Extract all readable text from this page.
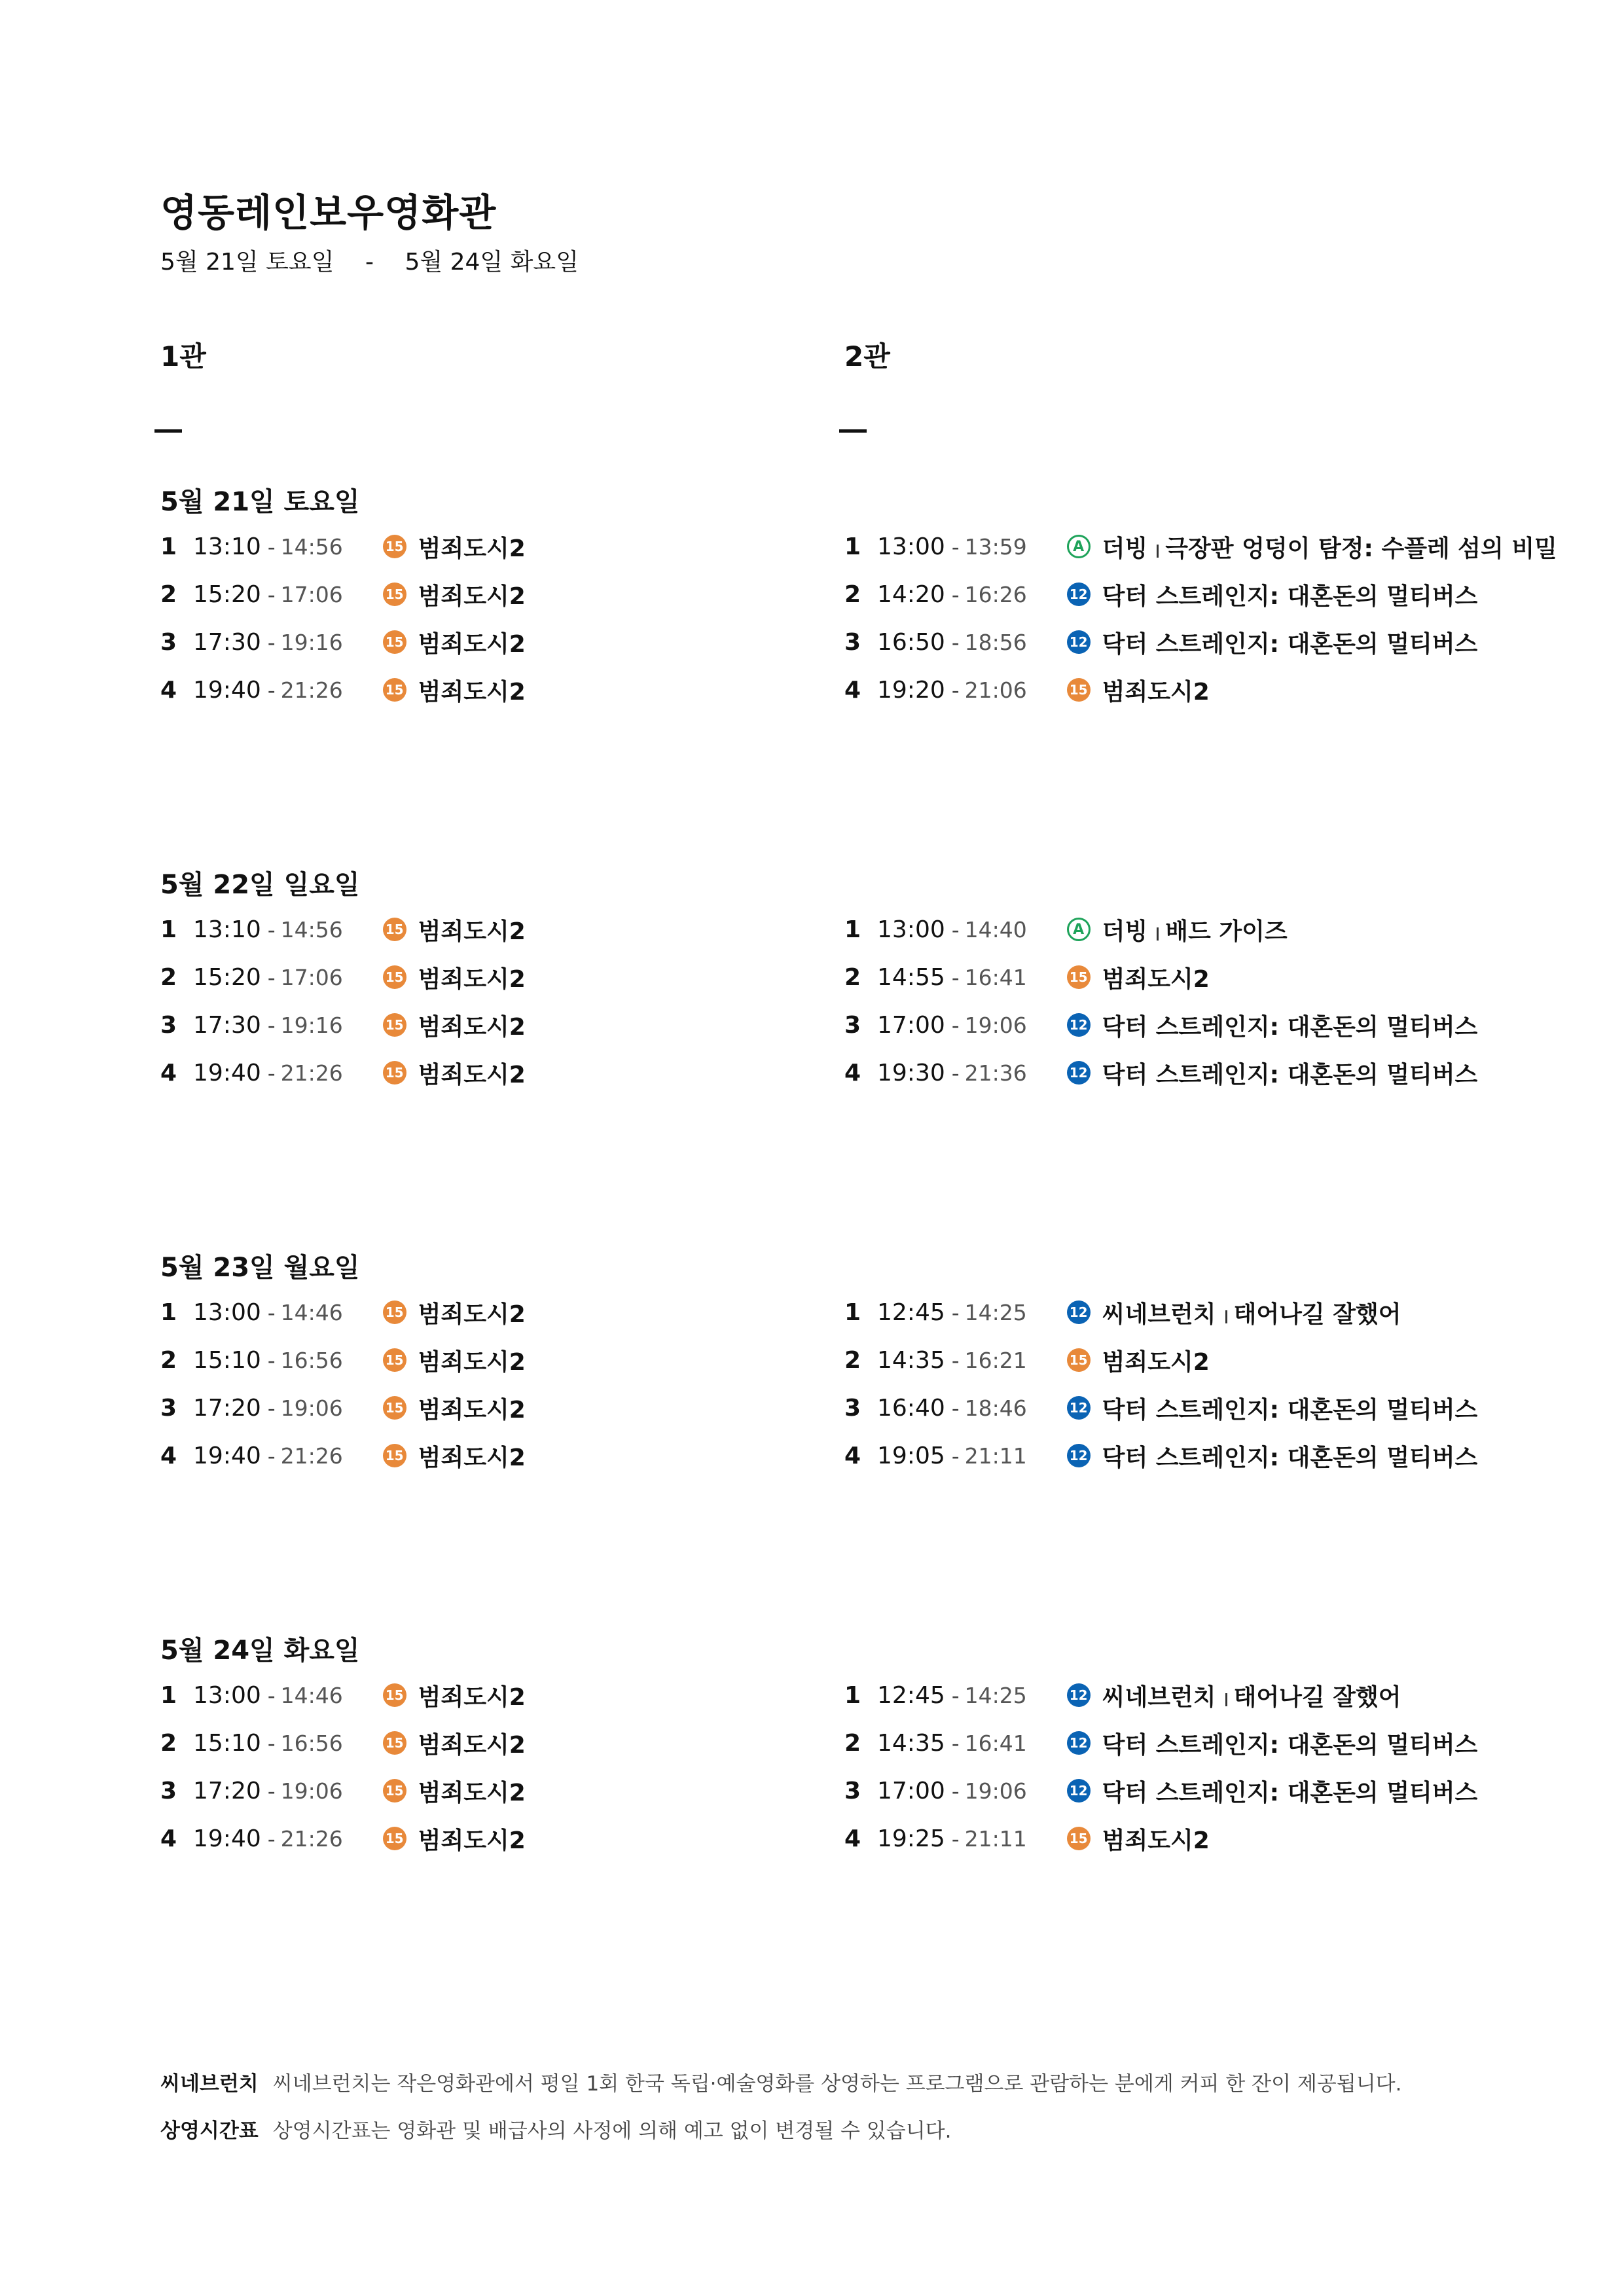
영동레인보우영화관
5월 21일 토요일 - 5월 24일 화요일
1관	2관
5월 21일 토요일
1 13:10 - 14:56	15 범죄도시2
2 15:20 - 17:06	15 범죄도시2
3 17:30 - 19:16	15 범죄도시2
4 19:40 - 21:26	15 범죄도시2
1 13:00 - 13:59	A 더빙 극장판 엉덩이 탐정: 수플레 섬의 비밀
2 14:20 - 16:26	12 닥터 스트레인지: 대혼돈의 멀티버스
3 16:50 - 18:56	12 닥터 스트레인지: 대혼돈의 멀티버스
4 19:20 - 21:06	15 범죄도시2
5월 22일 일요일
1 13:10 - 14:56	15 범죄도시2
2 15:20 - 17:06	15 범죄도시2
3 17:30 - 19:16	15 범죄도시2
4 19:40 - 21:26	15 범죄도시2
1 13:00 - 14:40	A 더빙 배드 가이즈
2 14:55 - 16:41	15 범죄도시2
3 17:00 - 19:06	12 닥터 스트레인지: 대혼돈의 멀티버스
4 19:30 - 21:36	12 닥터 스트레인지: 대혼돈의 멀티버스
5월 23일 월요일
1 13:00 - 14:46	15 범죄도시2
2 15:10 - 16:56	15 범죄도시2
3 17:20 - 19:06	15 범죄도시2
4 19:40 - 21:26	15 범죄도시2
1 12:45 - 14:25	12 씨네브런치 태어나길 잘했어
2 14:35 - 16:21	15 범죄도시2
3 16:40 - 18:46	12 닥터 스트레인지: 대혼돈의 멀티버스
4 19:05 - 21:11	12 닥터 스트레인지: 대혼돈의 멀티버스
5월 24일 화요일
1 13:00 - 14:46	15 범죄도시2
2 15:10 - 16:56	15 범죄도시2
3 17:20 - 19:06	15 범죄도시2
4 19:40 - 21:26	15 범죄도시2
1 12:45 - 14:25	12 씨네브런치 태어나길 잘했어
2 14:35 - 16:41	12 닥터 스트레인지: 대혼돈의 멀티버스
3 17:00 - 19:06	12 닥터 스트레인지: 대혼돈의 멀티버스
4 19:25 - 21:11	15 범죄도시2
씨네브런치 씨네브런치는 작은영화관에서 평일 1회 한국 독립·예술영화를 상영하는 프로그램으로 관람하는 분에게 커피 한 잔이 제공됩니다.
상영시간표 상영시간표는 영화관 및 배급사의 사정에 의해 예고 없이 변경될 수 있습니다.
